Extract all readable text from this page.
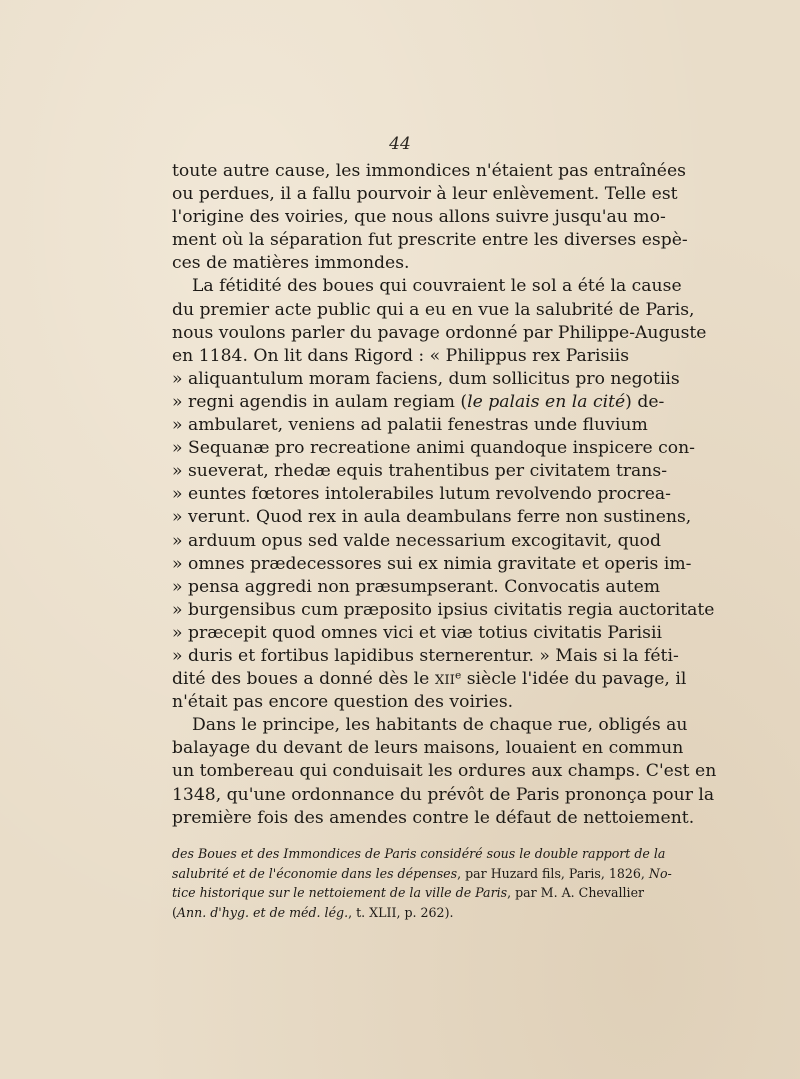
44
toute autre cause, les immondices n'étaient pas entraînées
ou perdues, il a fallu pourvoir à leur enlèvement. Telle est
l'origine des voiries, que nous allons suivre jusqu'au mo-
ment où la séparation fut prescrite entre les diverses espè-
ces de matières immondes.
La fétidité des boues qui couvraient le sol a été la cause
du premier acte public qui a eu en vue la salubrité de Paris,
nous voulons parler du pavage ordonné par Philippe-Auguste
en 1184. On lit dans Rigord : « Philippus rex Parisiis
» aliquantulum moram faciens, dum sollicitus pro negotiis
» regni agendis in aulam regiam (le palais en la cité) de-
» ambularet, veniens ad palatii fenestras unde fluvium
» Sequanæ pro recreatione animi quandoque inspicere con-
» sueverat, rhedæ equis trahentibus per civitatem trans-
» euntes fœtores intolerabiles lutum revolvendo procrea-
» verunt. Quod rex in aula deambulans ferre non sustinens,
» arduum opus sed valde necessarium excogitavit, quod
» omnes prædecessores sui ex nimia gravitate et operis im-
» pensa aggredi non præsumpserant. Convocatis autem
» burgensibus cum præposito ipsius civitatis regia auctoritate
» præcepit quod omnes vici et viæ totius civitatis Parisii
» duris et fortibus lapidibus sternerentur. » Mais si la féti-
dité des boues a donné dès le XIIe siècle l'idée du pavage, il
n'était pas encore question des voiries.
Dans le principe, les habitants de chaque rue, obligés au
balayage du devant de leurs maisons, louaient en commun
un tombereau qui conduisait les ordures aux champs. C'est en
1348, qu'une ordonnance du prévôt de Paris prononça pour la
première fois des amendes contre le défaut de nettoiement.
des Boues et des Immondices de Paris considéré sous le double rapport de la
salubrité et de l'économie dans les dépenses, par Huzard fils, Paris, 1826, No-
tice historique sur le nettoiement de la ville de Paris, par M. A. Chevallier
(Ann. d'hyg. et de méd. lég., t. XLII, p. 262).
